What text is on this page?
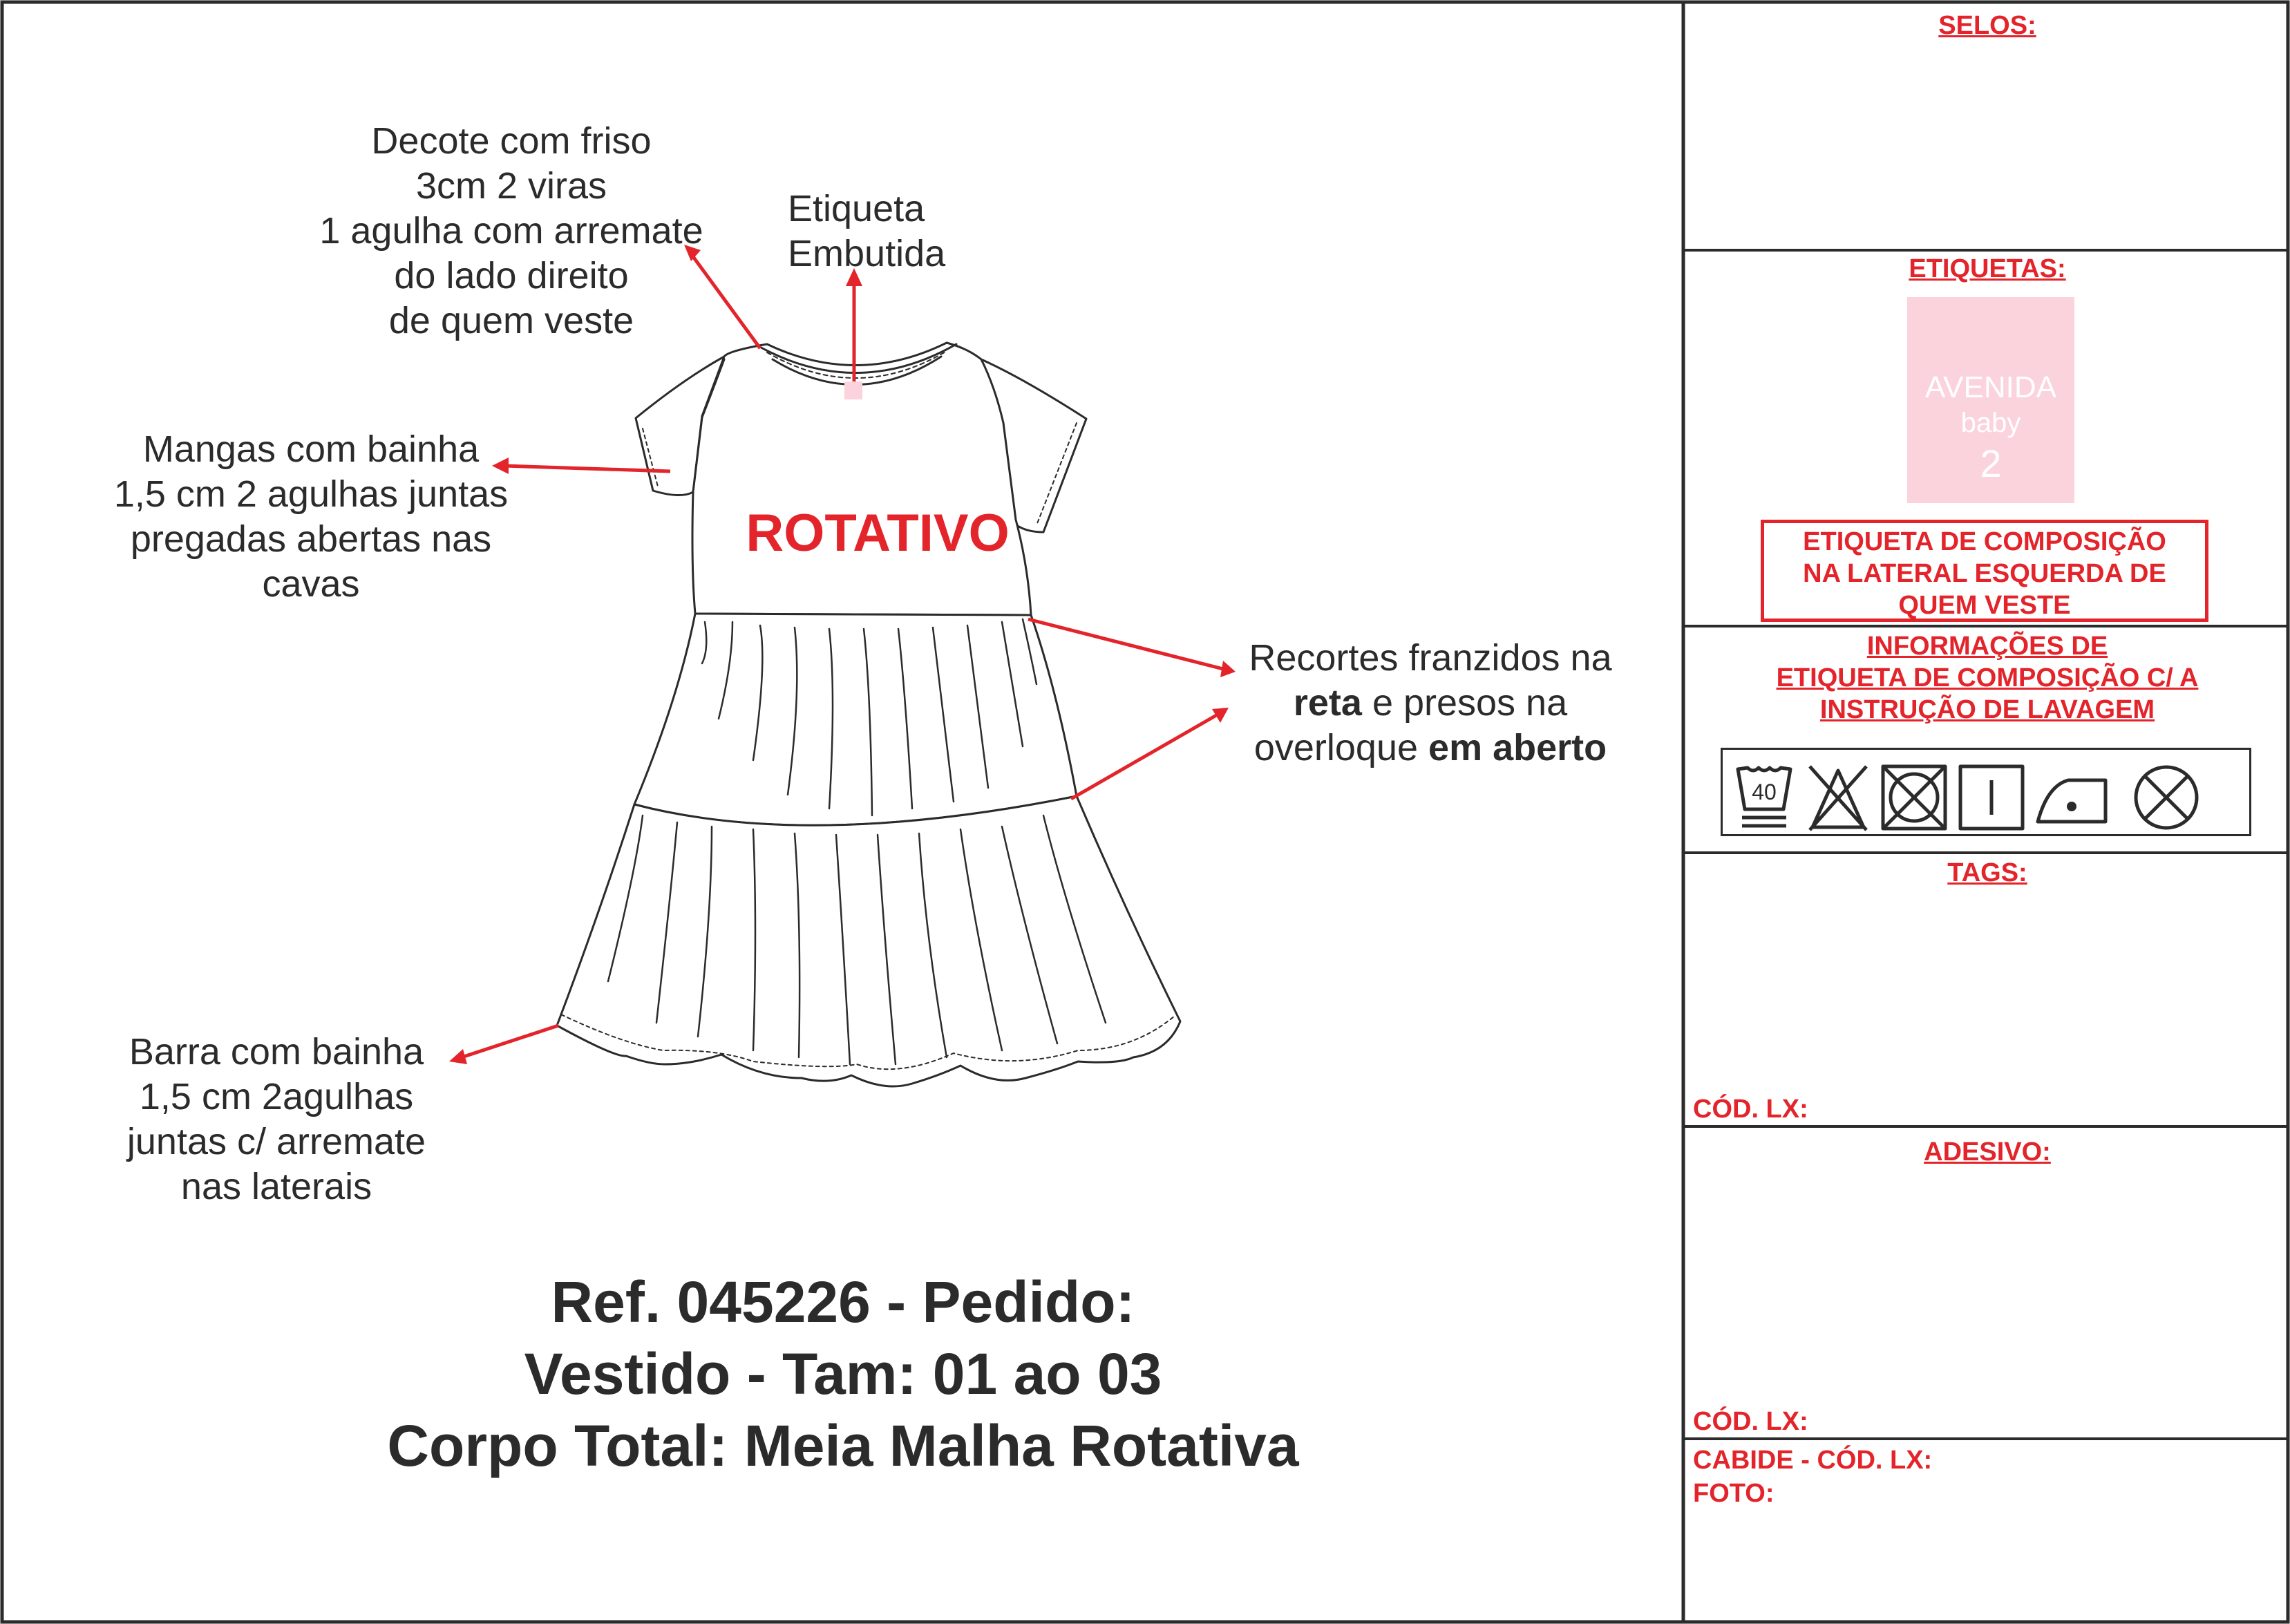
ROTATIVO
Decote com friso
3cm 2 viras
1 agulha com arremate
do lado direito
de quem veste
Etiqueta
Embutida
Mangas com bainha
1,5 cm 2 agulhas juntas
pregadas abertas nas
cavas
Recortes franzidos na
reta e presos na
overloque em aberto
Barra com bainha
1,5 cm 2agulhas
juntas c/ arremate
nas laterais
Ref. 045226 - Pedido:
Vestido - Tam: 01 ao 03
Corpo Total: Meia Malha Rotativa
SELOS:
ETIQUETAS:
AVENIDA
baby
2
ETIQUETA DE COMPOSIÇÃO
NA LATERAL ESQUERDA DE
QUEM VESTE
INFORMAÇÕES DE
ETIQUETA DE COMPOSIÇÃO C/ A
INSTRUÇÃO DE LAVAGEM
40
TAGS:
CÓD. LX:
ADESIVO:
CÓD. LX:
CABIDE - CÓD. LX:
FOTO:
